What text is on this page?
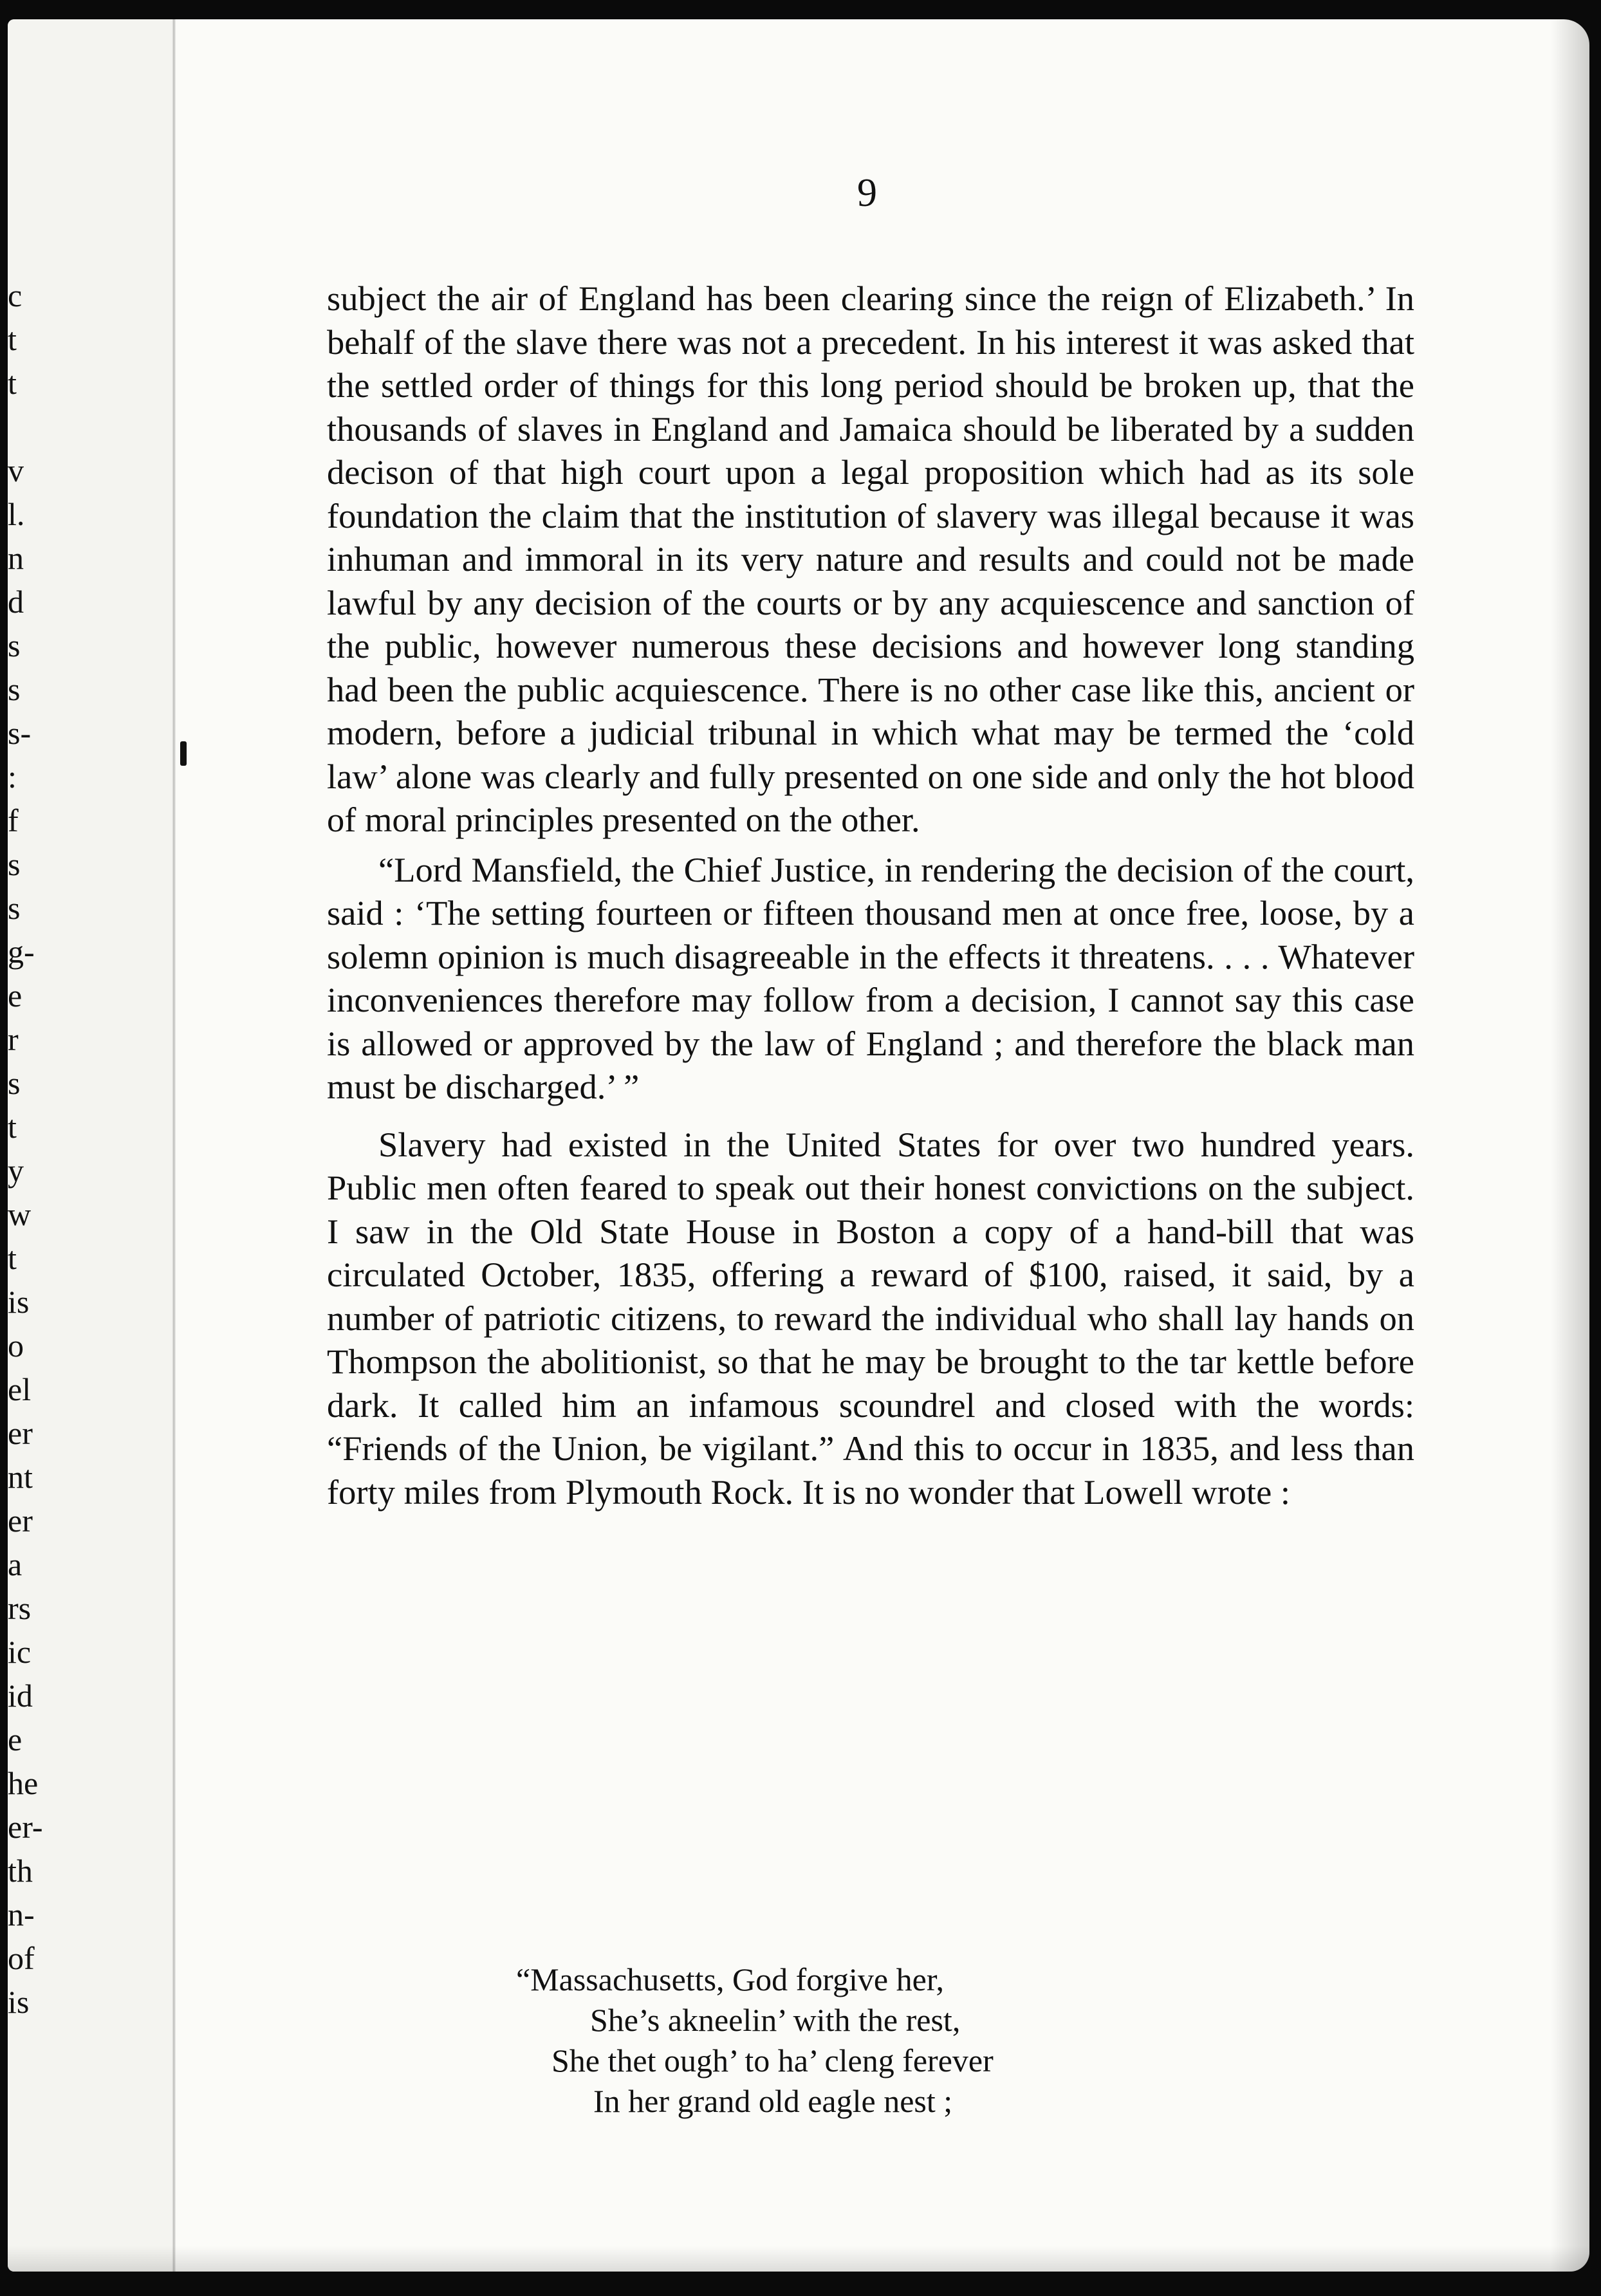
c
t
t
v
l.
n
d
s
s
s-
:
f
s
s
g-
e
r
s
t
y
w
t
is
o
el
er
nt
er
a
rs
ic
id
e
he
er-
th
n-
of
is
9

subject the air of England has been clearing since the reign of Elizabeth.’ In behalf of the slave there was not a precedent. In his interest it was asked that the settled order of things for this long period should be broken up, that the thousands of slaves in England and Jamaica should be liberated by a sudden decison of that high court upon a legal proposition which had as its sole foundation the claim that the institution of slavery was illegal because it was inhuman and immoral in its very nature and results and could not be made lawful by any decision of the courts or by any acquiescence and sanction of the public, however numerous these decisions and however long standing had been the public acquiescence. There is no other case like this, ancient or modern, before a judicial tribunal in which what may be termed the ‘cold law’ alone was clearly and fully presented on one side and only the hot blood of moral principles presented on the other.

“Lord Mansfield, the Chief Justice, in rendering the decision of the court, said : ‘The setting fourteen or fifteen thousand men at once free, loose, by a solemn opinion is much disagreeable in the effects it threatens. . . . Whatever inconveniences therefore may follow from a decision, I cannot say this case is allowed or approved by the law of England ; and therefore the black man must be discharged.’ ”

Slavery had existed in the United States for over two hundred years. Public men often feared to speak out their honest convictions on the subject. I saw in the Old State House in Boston a copy of a hand-bill that was circulated October, 1835, offering a reward of $100, raised, it said, by a number of patriotic citizens, to reward the individual who shall lay hands on Thompson the abolitionist, so that he may be brought to the tar kettle before dark. It called him an infamous scoundrel and closed with the words: “Friends of the Union, be vigilant.” And this to occur in 1835, and less than forty miles from Plymouth Rock. It is no wonder that Lowell wrote :

“Massachusetts, God forgive her,
She’s akneelin’ with the rest,
She thet ough’ to ha’ cleng ferever
In her grand old eagle nest ;
